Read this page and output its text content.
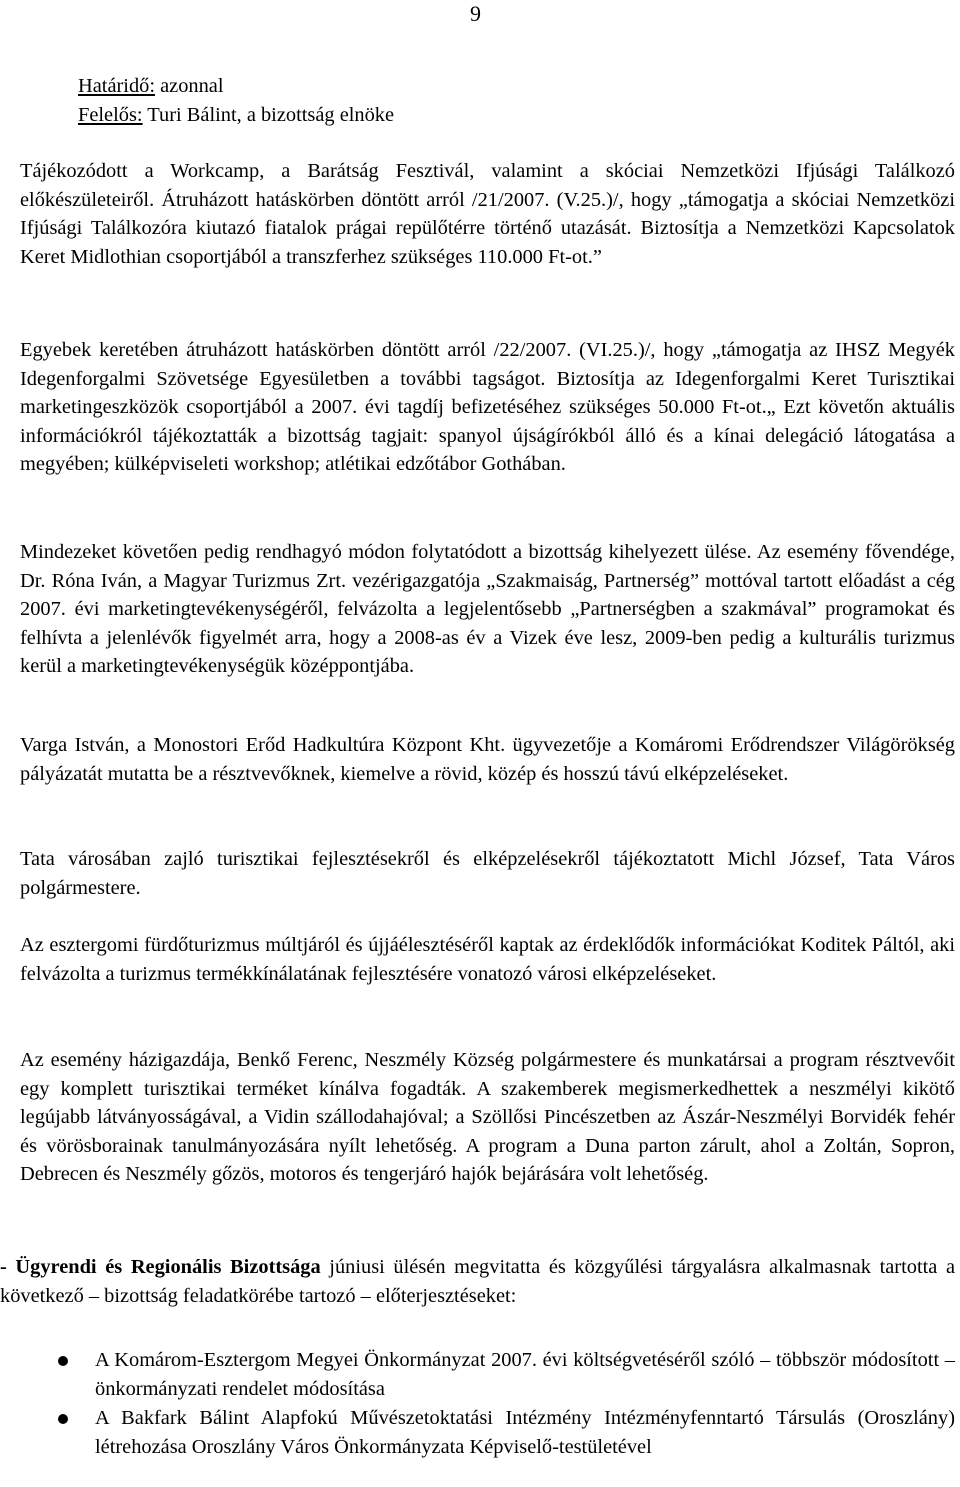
9

Határidő: azonnal

Felelős: Turi Bálint, a bizottság elnöke

Tájékozódott a Workcamp, a Barátság Fesztivál, valamint a skóciai Nemzetközi Ifjúsági Találkozó előkészületeiről. Átruházott hatáskörben döntött arról /21/2007. (V.25.)/, hogy „támogatja a skóciai Nemzetközi Ifjúsági Találkozóra kiutazó fiatalok prágai repülőtérre történő utazását. Biztosítja a Nemzetközi Kapcsolatok Keret Midlothian csoportjából a transzferhez szükséges 110.000 Ft-ot.”

Egyebek keretében átruházott hatáskörben döntött arról /22/2007. (VI.25.)/, hogy „támogatja az IHSZ Megyék Idegenforgalmi Szövetsége Egyesületben a további tagságot. Biztosítja az Idegenforgalmi Keret Turisztikai marketingeszközök csoportjából a 2007. évi tagdíj befizetéséhez szükséges 50.000 Ft-ot.„ Ezt követőn aktuális információkról tájékoztatták a bizottság tagjait: spanyol újságírókból álló és a kínai delegáció látogatása a megyében; külképviseleti workshop; atlétikai edzőtábor Gothában.

Mindezeket követően pedig rendhagyó módon folytatódott a bizottság kihelyezett ülése. Az esemény fővendége, Dr. Róna Iván, a Magyar Turizmus Zrt. vezérigazgatója „Szakmaiság, Partnerség” mottóval tartott előadást a cég 2007. évi marketingtevékenységéről, felvázolta a legjelentősebb „Partnerségben a szakmával” programokat és felhívta a jelenlévők figyelmét arra, hogy a 2008-as év a Vizek éve lesz, 2009-ben pedig a kulturális turizmus kerül a marketingtevékenységük középpontjába.

Varga István, a Monostori Erőd Hadkultúra Központ Kht. ügyvezetője a Komáromi Erődrendszer Világörökség pályázatát mutatta be a résztvevőknek, kiemelve a rövid, közép és hosszú távú elképzeléseket.

Tata városában zajló turisztikai fejlesztésekről és elképzelésekről tájékoztatott Michl József, Tata Város polgármestere.

Az esztergomi fürdőturizmus múltjáról és újjáélesztéséről kaptak az érdeklődők információkat Koditek Páltól, aki felvázolta a turizmus termékkínálatának fejlesztésére vonatozó városi elképzeléseket.

Az esemény házigazdája, Benkő Ferenc, Neszmély Község polgármestere és munkatársai a program résztvevőit egy komplett turisztikai terméket kínálva fogadták. A szakemberek megismerkedhettek a neszmélyi kikötő legújabb látványosságával, a Vidin szállodahajóval; a Szöllősi Pincészetben az Ászár-Neszmélyi Borvidék fehér és vörösborainak tanulmányozására nyílt lehetőség. A program a Duna parton zárult, ahol a Zoltán, Sopron, Debrecen és Neszmély gőzös, motoros és tengerjáró hajók bejárására volt lehetőség.

- Ügyrendi és Regionális Bizottsága júniusi ülésén megvitatta és közgyűlési tárgyalásra alkalmasnak tartotta a következő – bizottság feladatkörébe tartozó – előterjesztéseket:

A Komárom-Esztergom Megyei Önkormányzat 2007. évi költségvetéséről szóló – többször módosított – önkormányzati rendelet módosítása

A Bakfark Bálint Alapfokú Művészetoktatási Intézmény Intézményfenntartó Társulás (Oroszlány) létrehozása Oroszlány Város Önkormányzata Képviselő-testületével
